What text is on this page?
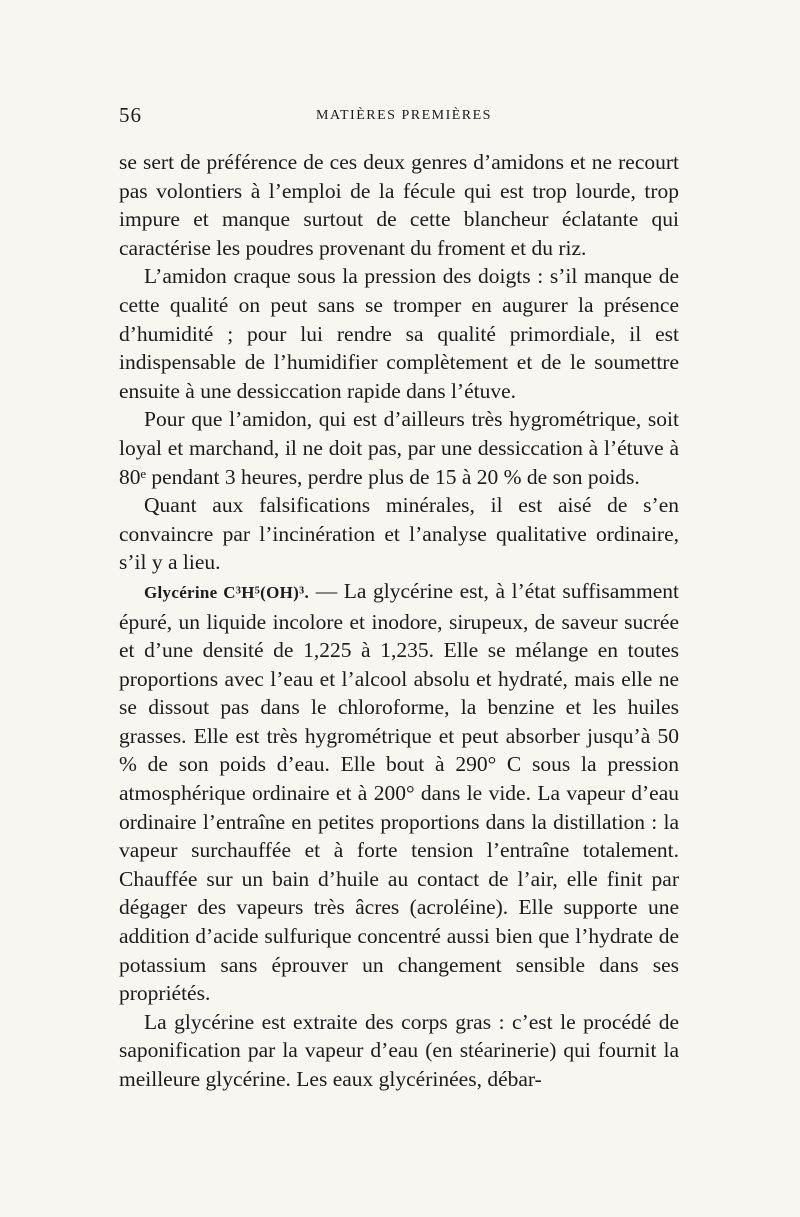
56	MATIÈRES PREMIÈRES

se sert de préférence de ces deux genres d’amidons et ne recourt pas volontiers à l’emploi de la fécule qui est trop lourde, trop impure et manque surtout de cette blancheur éclatante qui caractérise les poudres provenant du froment et du riz.

L’amidon craque sous la pression des doigts : s’il manque de cette qualité on peut sans se tromper en augurer la présence d’humidité ; pour lui rendre sa qualité primordiale, il est indispensable de l’humidifier complètement et de le soumettre ensuite à une dessiccation rapide dans l’étuve.

Pour que l’amidon, qui est d’ailleurs très hygrométrique, soit loyal et marchand, il ne doit pas, par une dessiccation à l’étuve à 80ᵉ pendant 3 heures, perdre plus de 15 à 20 % de son poids.

Quant aux falsifications minérales, il est aisé de s’en convaincre par l’incinération et l’analyse qualitative ordinaire, s’il y a lieu.

Glycérine C³H⁵(OH)³. — La glycérine est, à l’état suffisamment épuré, un liquide incolore et inodore, sirupeux, de saveur sucrée et d’une densité de 1,225 à 1,235. Elle se mélange en toutes proportions avec l’eau et l’alcool absolu et hydraté, mais elle ne se dissout pas dans le chloroforme, la benzine et les huiles grasses. Elle est très hygrométrique et peut absorber jusqu’à 50 % de son poids d’eau. Elle bout à 290° C sous la pression atmosphérique ordinaire et à 200° dans le vide. La vapeur d’eau ordinaire l’entraîne en petites proportions dans la distillation : la vapeur surchauffée et à forte tension l’entraîne totalement. Chauffée sur un bain d’huile au contact de l’air, elle finit par dégager des vapeurs très âcres (acroléine). Elle supporte une addition d’acide sulfurique concentré aussi bien que l’hydrate de potassium sans éprouver un changement sensible dans ses propriétés.

La glycérine est extraite des corps gras : c’est le procédé de saponification par la vapeur d’eau (en stéarinerie) qui fournit la meilleure glycérine. Les eaux glycérinées, débar-
